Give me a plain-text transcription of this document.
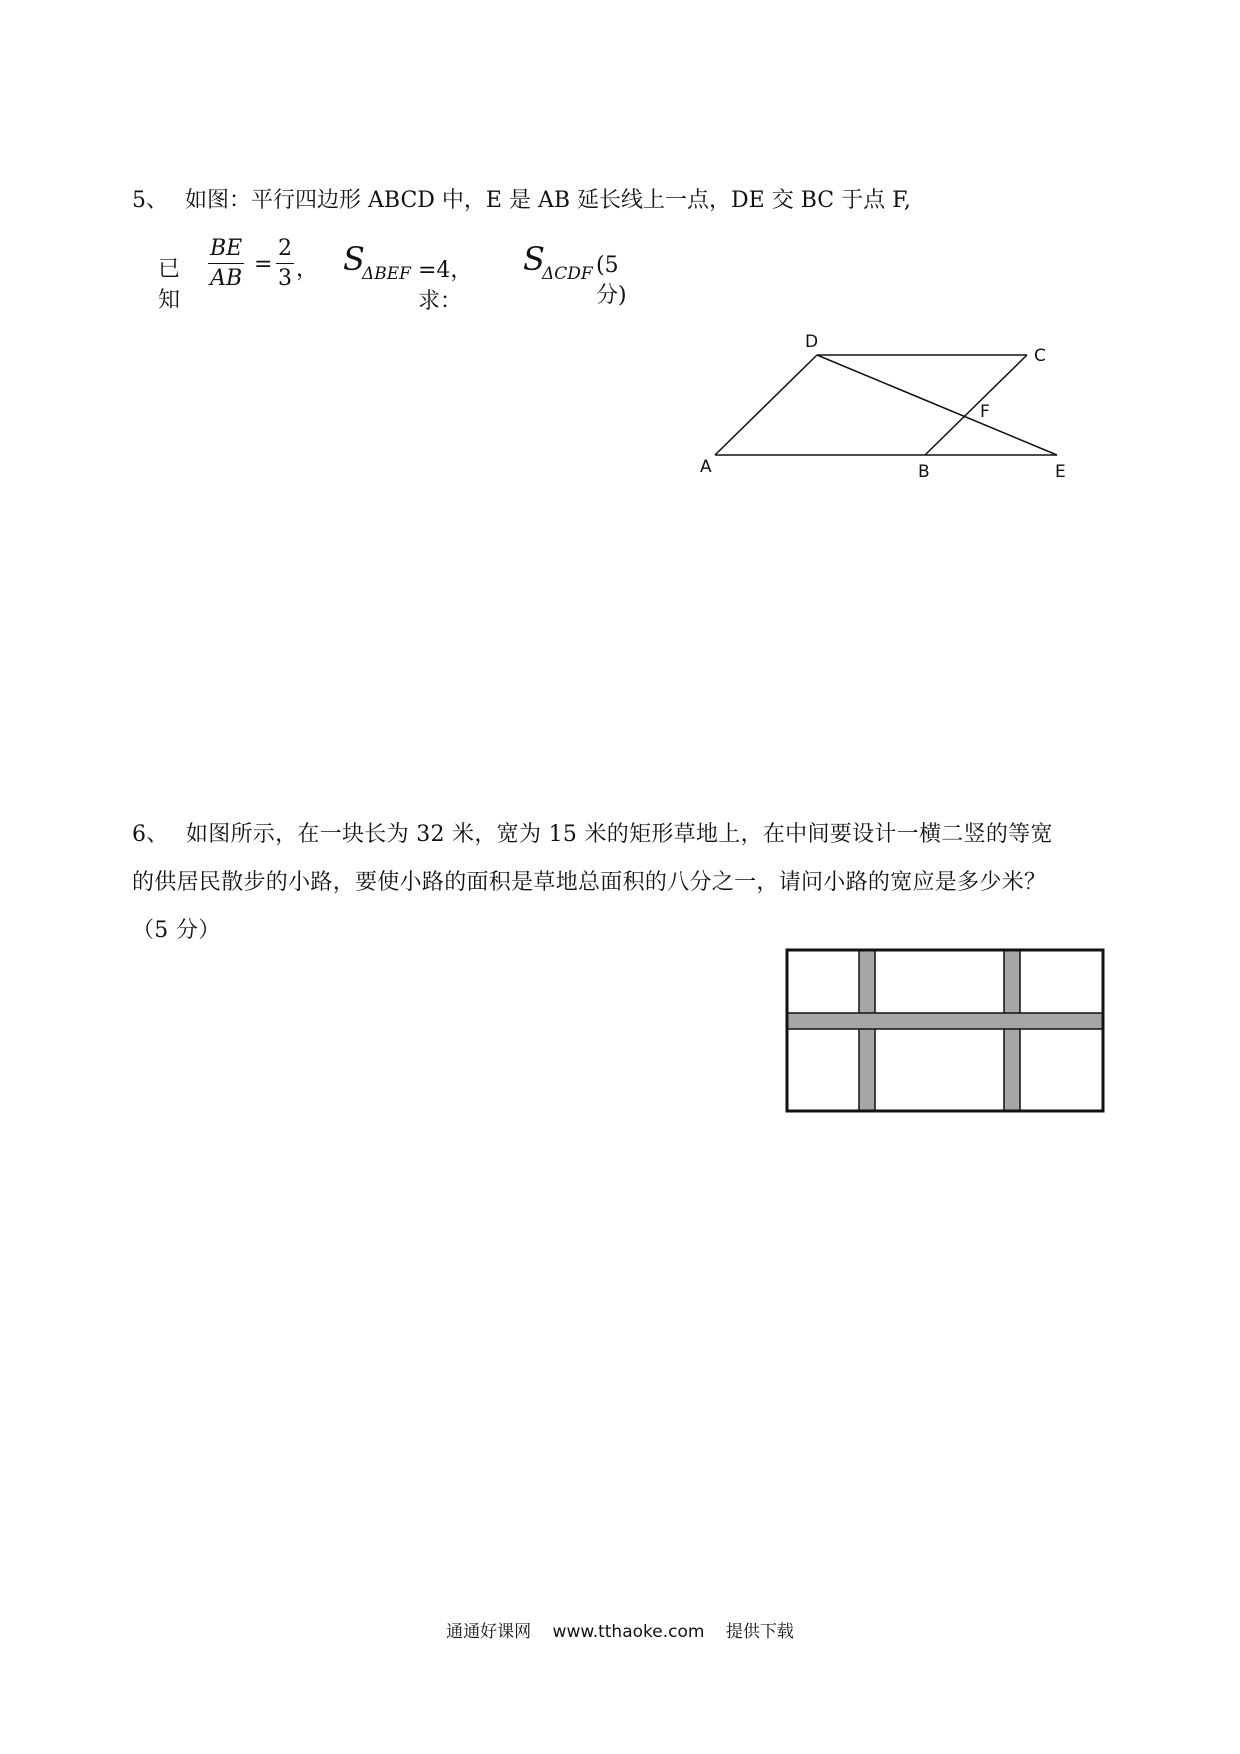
5、 如图：平行四边形 ABCD 中，E 是 AB 延长线上一点，DE 交 BC 于点 F,
已知
$\frac{BE}{AB} = \frac{2}{3}$ ， S
ΔBEF =4，求：
S
ΔCDF (5 分)
D
C
F
A	B	E
6、 如图所示，在一块长为 32 米，宽为 15 米的矩形草地上，在中间要设计一横二竖的等宽
的供居民散步的小路，要使小路的面积是草地总面积的八分之一，请问小路的宽应是多少米？
（5 分）
通通好课网 www.tthaoke.com 提供下载
